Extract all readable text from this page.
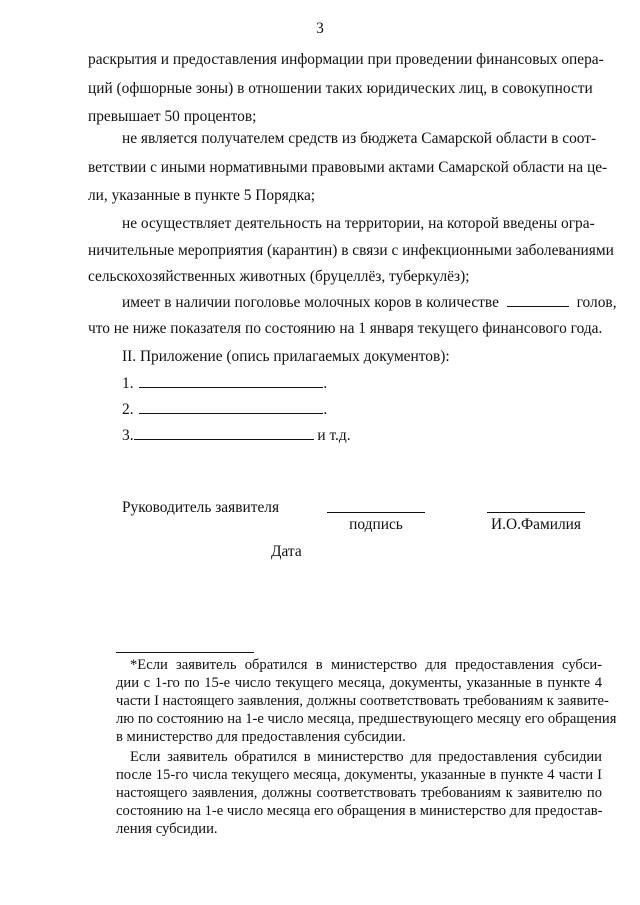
3
раскрытия и предоставления информации при проведении финансовых опера-
ций (офшорные зоны) в отношении таких юридических лиц, в совокупности
превышает 50 процентов;
не является получателем средств из бюджета Самарской области в соот-
ветствии с иными нормативными правовыми актами Самарской области на це-
ли, указанные в пункте 5 Порядка;
не осуществляет деятельность на территории, на которой введены огра-
ничительные мероприятия (карантин) в связи с инфекционными заболеваниями
сельскохозяйственных животных (бруцеллёз, туберкулёз);
имеет в наличии поголовье молочных коров в количестве	голов,
что не ниже показателя по состоянию на 1 января текущего финансового года.
II. Приложение (опись прилагаемых документов):
1.	.
2.	.
3.	и т.д.
Руководитель заявителя
подпись	И.О.Фамилия
Дата
*Если заявитель обратился в министерство для предоставления субси-
дии с 1-го по 15-е число текущего месяца, документы, указанные в пункте 4
части I настоящего заявления, должны соответствовать требованиям к заявите-
лю по состоянию на 1-е число месяца, предшествующего месяцу его обращения
в министерство для предоставления субсидии.
Если заявитель обратился в министерство для предоставления субсидии
после 15-го числа текущего месяца, документы, указанные в пункте 4 части I
настоящего заявления, должны соответствовать требованиям к заявителю по
состоянию на 1-е число месяца его обращения в министерство для предостав-
ления субсидии.
